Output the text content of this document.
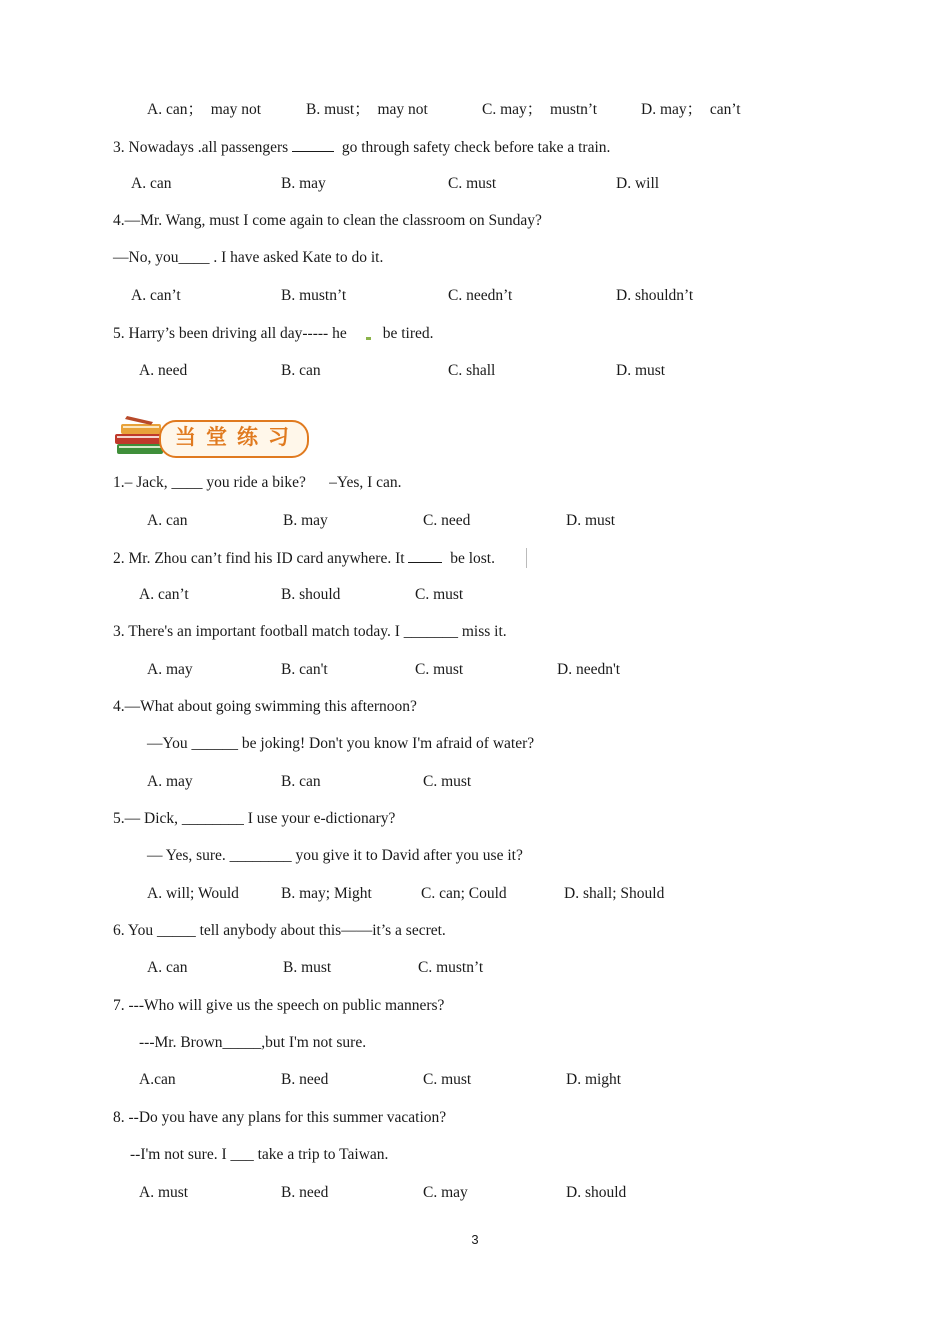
A. can；  may not	B. must；  may not	C. may；  mustn’t	D. may；  can’t
3. Nowadays .all passengers	go through safety check before take a train.
A. can	B. may	C. must	D. will
4.—Mr. Wang, must I come again to clean the classroom on Sunday?
—No, you____ . I have asked Kate to do it.
A. can’t	B. mustn’t	C. needn’t	D. shouldn’t
5. Harry’s been driving all day----- he be tired.
A. need	B. can	C. shall	D. must
当堂练习
1.– Jack, ____ you ride a bike?      –Yes, I can.
A. can	B. may	C. need	D. must
2. Mr. Zhou can’t find his ID card anywhere. It   be lost.
A. can’t	B. should	C. must
3. There's an important football match today. I _______ miss it.
A. may	B. can't	C. must	D. needn't
4.—What about going swimming this afternoon?
—You ______ be joking! Don't you know I'm afraid of water?
A. may	B. can	C. must
5.— Dick, ________ I use your e-dictionary?
— Yes, sure. ________ you give it to David after you use it?
A. will; Would	B. may; Might	C. can; Could	D. shall; Should
6. You _____ tell anybody about this——it’s a secret.
A. can	B. must	C. mustn’t
7. ---Who will give us the speech on public manners?
---Mr. Brown_____,but I'm not sure.
A.can	B. need	C. must	D. might
8. --Do you have any plans for this summer vacation?
--I'm not sure. I ___ take a trip to Taiwan.
A. must	B. need	C. may	D. should
3
